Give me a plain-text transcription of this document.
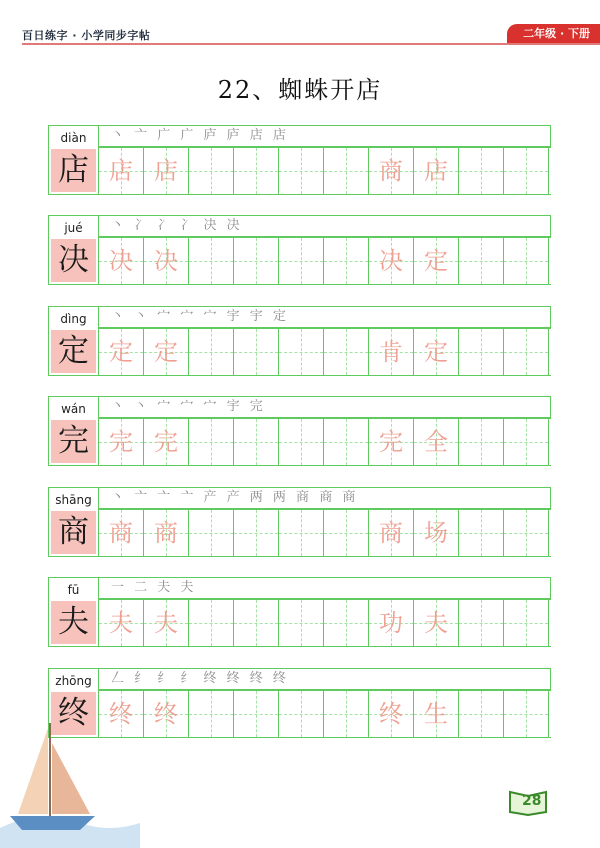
百日练字 · 小学同步字帖	二年级 · 下册
22、蜘蛛开店
diàn
店
丶 亠 广 广 庐 庐 店 店
店 店	商 店
jué
决
丶 冫 冫 冫 决 决
决 决	决 定
dìng
定
丶 丶 宀 宀 宀 宇 宇 定
定 定	肯 定
wán
完
丶 丶 宀 宀 宀 宇 完
完 完	完 全
shāng
商
丶 亠 亠 亠 产 产 两 两 商 商 商
商 商	商 场
fū
夫
一 二 夫 夫
夫 夫	功 夫
zhōng
终
𠃋 纟 纟 纟 终 终 终 终
终 终	终 生
28
